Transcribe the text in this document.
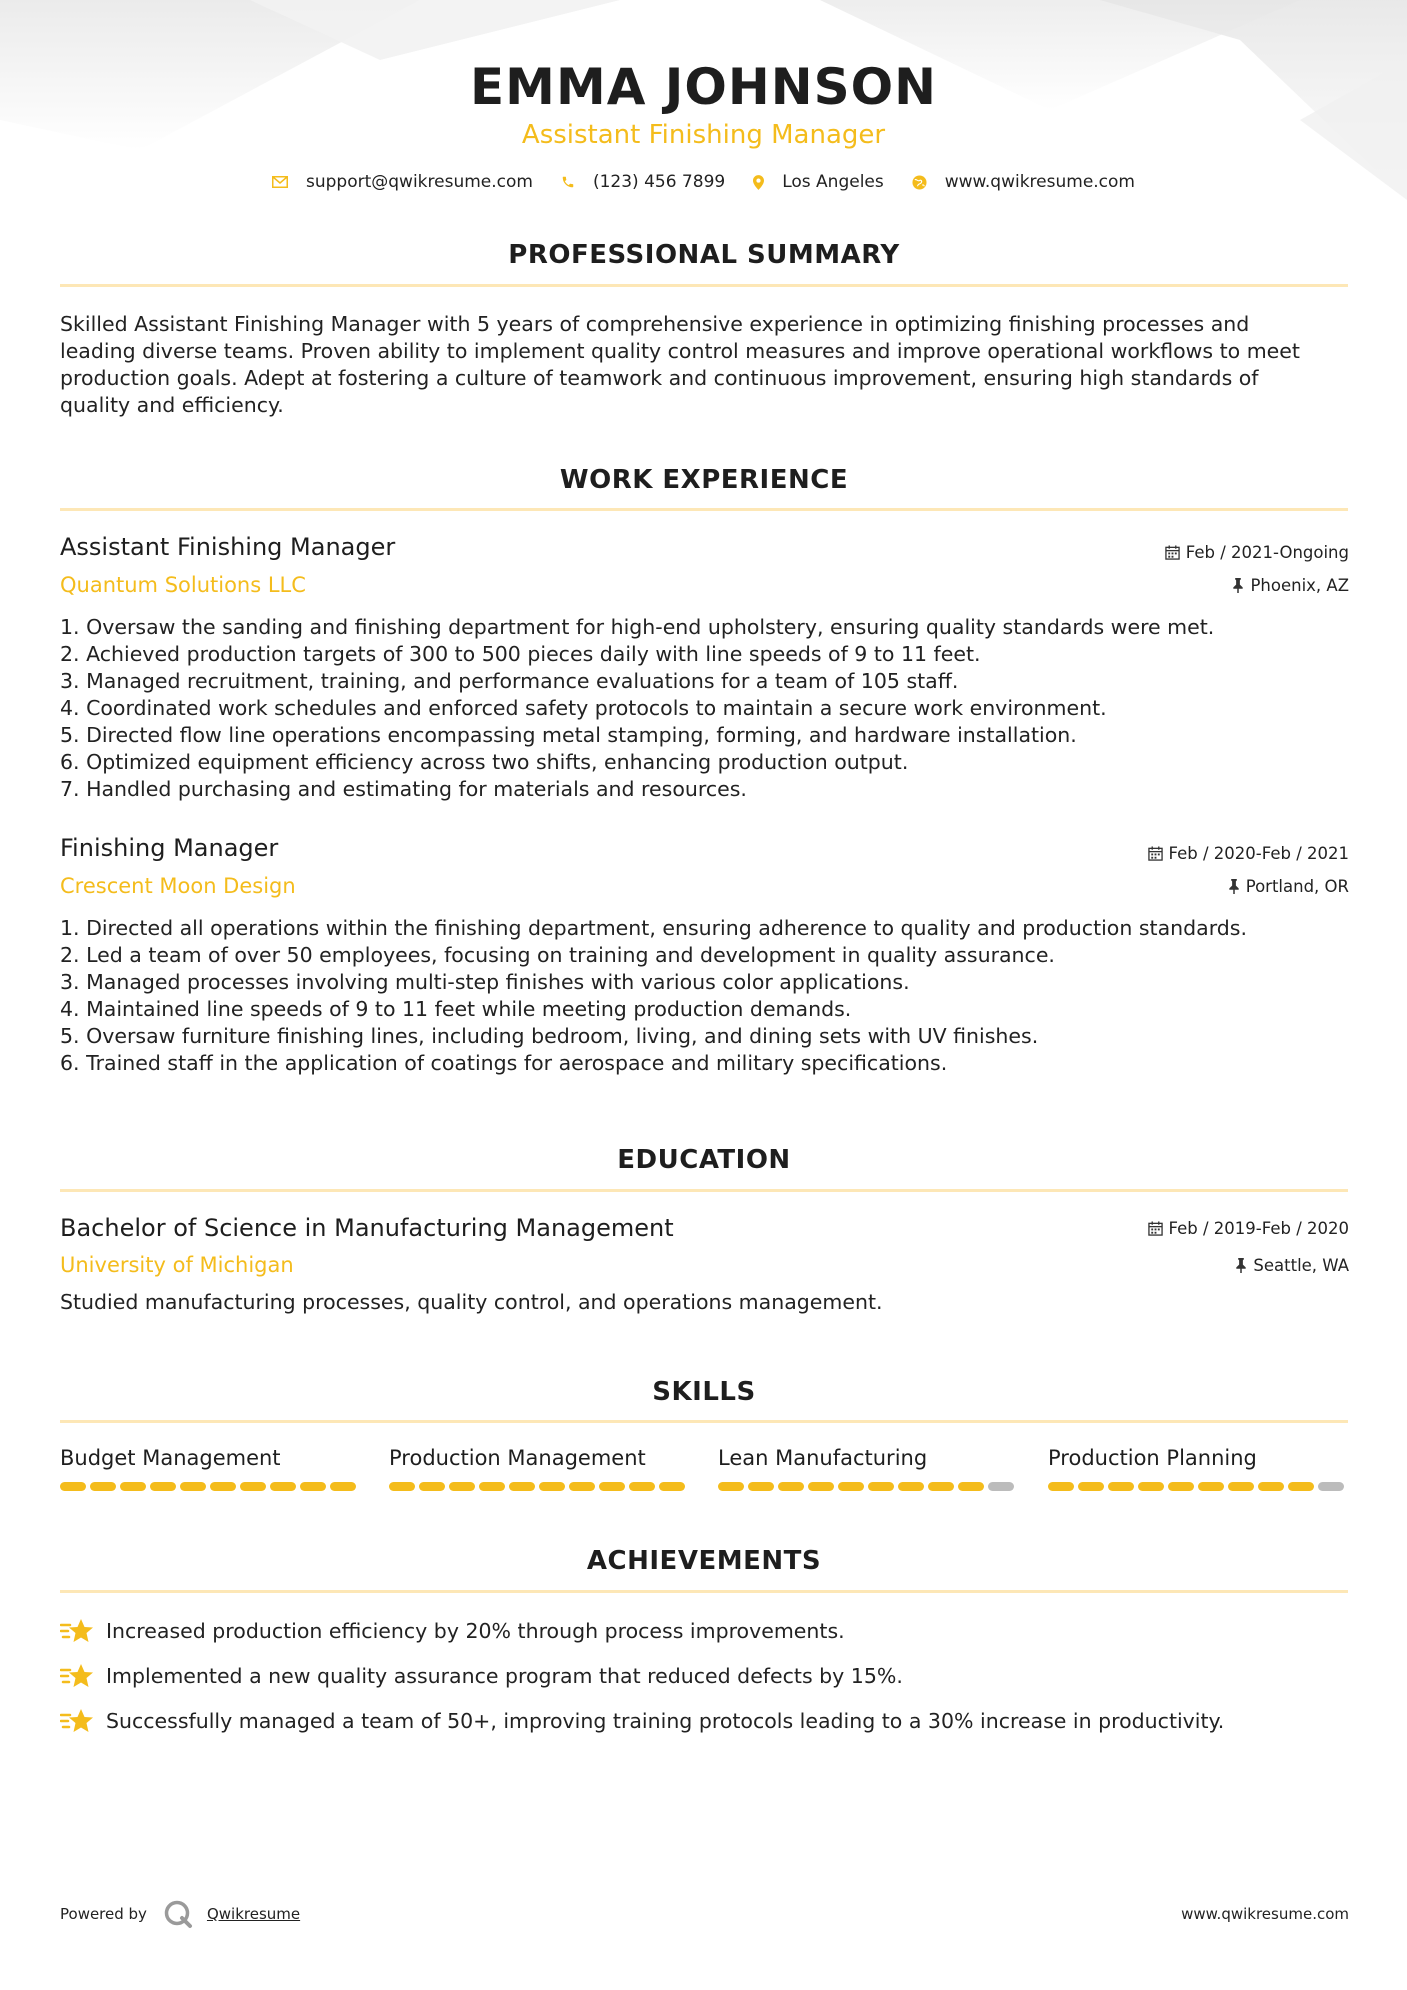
EMMA JOHNSON
Assistant Finishing Manager
support@qwikresume.com	(123) 456 7899	Los Angeles	www.qwikresume.com
PROFESSIONAL SUMMARY
Skilled Assistant Finishing Manager with 5 years of comprehensive experience in optimizing finishing processes and
leading diverse teams. Proven ability to implement quality control measures and improve operational workflows to meet
production goals. Adept at fostering a culture of teamwork and continuous improvement, ensuring high standards of
quality and efficiency.
WORK EXPERIENCE
Assistant Finishing Manager	Feb / 2021-Ongoing
Quantum Solutions LLC	Phoenix, AZ
1. Oversaw the sanding and finishing department for high-end upholstery, ensuring quality standards were met.
2. Achieved production targets of 300 to 500 pieces daily with line speeds of 9 to 11 feet.
3. Managed recruitment, training, and performance evaluations for a team of 105 staff.
4. Coordinated work schedules and enforced safety protocols to maintain a secure work environment.
5. Directed flow line operations encompassing metal stamping, forming, and hardware installation.
6. Optimized equipment efficiency across two shifts, enhancing production output.
7. Handled purchasing and estimating for materials and resources.
Finishing Manager	Feb / 2020-Feb / 2021
Crescent Moon Design	Portland, OR
1. Directed all operations within the finishing department, ensuring adherence to quality and production standards.
2. Led a team of over 50 employees, focusing on training and development in quality assurance.
3. Managed processes involving multi-step finishes with various color applications.
4. Maintained line speeds of 9 to 11 feet while meeting production demands.
5. Oversaw furniture finishing lines, including bedroom, living, and dining sets with UV finishes.
6. Trained staff in the application of coatings for aerospace and military specifications.
EDUCATION
Bachelor of Science in Manufacturing Management	Feb / 2019-Feb / 2020
University of Michigan	Seattle, WA
Studied manufacturing processes, quality control, and operations management.
SKILLS
Budget Management	Production Management	Lean Manufacturing	Production Planning
ACHIEVEMENTS
Increased production efficiency by 20% through process improvements.
Implemented a new quality assurance program that reduced defects by 15%.
Successfully managed a team of 50+, improving training protocols leading to a 30% increase in productivity.
Powered by	Qwikresume	www.qwikresume.com
